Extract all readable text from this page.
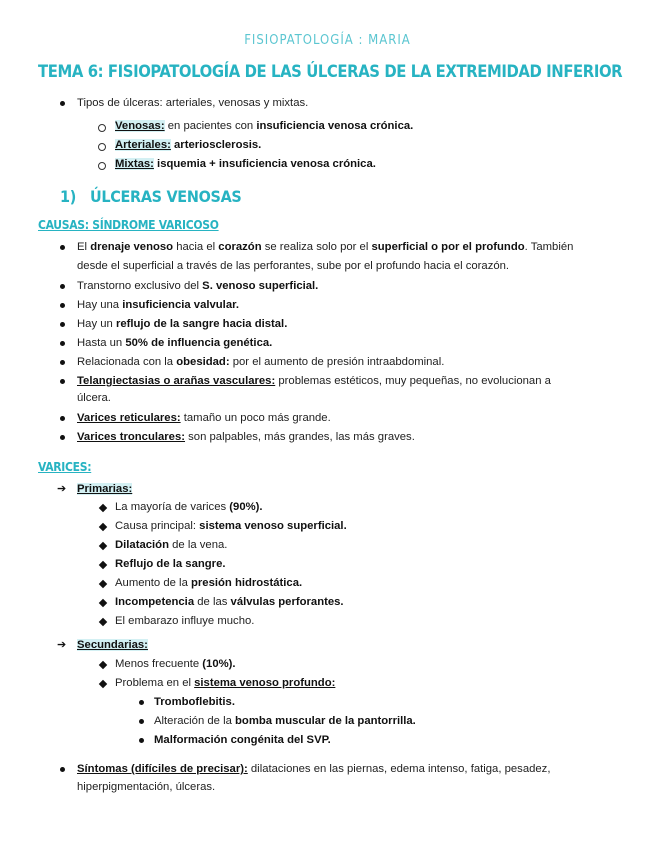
FISIOPATOLOGÍA : MARIA
TEMA 6: FISIOPATOLOGÍA DE LAS ÚLCERAS DE LA EXTREMIDAD INFERIOR
Tipos de úlceras: arteriales, venosas y mixtas.
Venosas: en pacientes con insuficiencia venosa crónica.
Arteriales: arteriosclerosis.
Mixtas: isquemia + insuficiencia venosa crónica.
1) ÚLCERAS VENOSAS
CAUSAS: SÍNDROME VARICOSO
El drenaje venoso hacia el corazón se realiza solo por el superficial o por el profundo. También
desde el superficial a través de las perforantes, sube por el profundo hacia el corazón.
Transtorno exclusivo del S. venoso superficial.
Hay una insuficiencia valvular.
Hay un reflujo de la sangre hacia distal.
Hasta un 50% de influencia genética.
Relacionada con la obesidad: por el aumento de presión intraabdominal.
Telangiectasias o arañas vasculares: problemas estéticos, muy pequeñas, no evolucionan a
úlcera.
Varices reticulares: tamaño un poco más grande.
Varices tronculares: son palpables, más grandes, las más graves.
VARICES:
➔ Primarias:
La mayoría de varices (90%).
Causa principal: sistema venoso superficial.
Dilatación de la vena.
Reflujo de la sangre.
Aumento de la presión hidrostática.
Incompetencia de las válvulas perforantes.
El embarazo influye mucho.
➔ Secundarias:
Menos frecuente (10%).
Problema en el sistema venoso profundo:
Tromboflebitis.
Alteración de la bomba muscular de la pantorrilla.
Malformación congénita del SVP.
Síntomas (difíciles de precisar): dilataciones en las piernas, edema intenso, fatiga, pesadez,
hiperpigmentación, úlceras.
